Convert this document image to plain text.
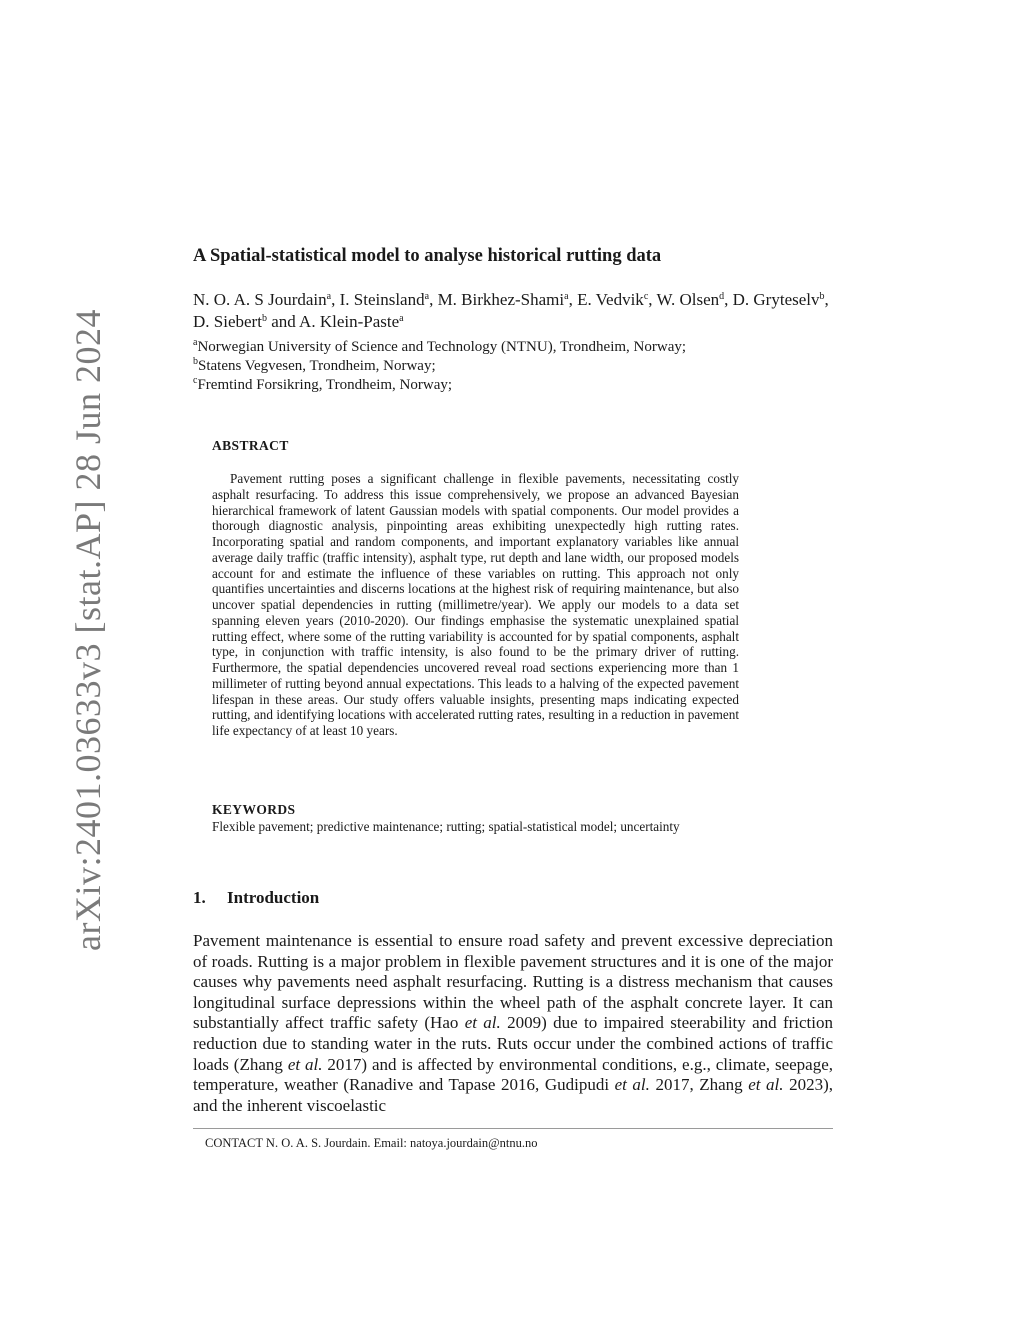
arXiv:2401.03633v3 [stat.AP] 28 Jun 2024
A Spatial-statistical model to analyse historical rutting data

N. O. A. S Jourdain$^a$, I. Steinsland$^a$, M. Birkhez-Shami$^a$, E. Vedvik$^c$, W. Olsen$^d$, D. Gryteselv$^b$, D. Siebert$^b$ and A. Klein-Paste$^a$

$^a$Norwegian University of Science and Technology (NTNU), Trondheim, Norway;
$^b$Statens Vegvesen, Trondheim, Norway;
$^c$Fremtind Forsikring, Trondheim, Norway;
ABSTRACT

Pavement rutting poses a significant challenge in flexible pavements, necessitating costly asphalt resurfacing. To address this issue comprehensively, we propose an advanced Bayesian hierarchical framework of latent Gaussian models with spatial components. Our model provides a thorough diagnostic analysis, pinpointing areas exhibiting unexpectedly high rutting rates. Incorporating spatial and random components, and important explanatory variables like annual average daily traffic (traffic intensity), asphalt type, rut depth and lane width, our proposed models account for and estimate the influence of these variables on rutting. This approach not only quantifies uncertainties and discerns locations at the highest risk of requiring maintenance, but also uncover spatial dependencies in rutting (millimetre/year). We apply our models to a data set spanning eleven years (2010-2020). Our findings emphasise the systematic unexplained spatial rutting effect, where some of the rutting variability is accounted for by spatial components, asphalt type, in conjunction with traffic intensity, is also found to be the primary driver of rutting. Furthermore, the spatial dependencies uncovered reveal road sections experiencing more than 1 millimeter of rutting beyond annual expectations. This leads to a halving of the expected pavement lifespan in these areas. Our study offers valuable insights, presenting maps indicating expected rutting, and identifying locations with accelerated rutting rates, resulting in a reduction in pavement life expectancy of at least 10 years.

KEYWORDS

Flexible pavement; predictive maintenance; rutting; spatial-statistical model; uncertainty

1. Introduction

Pavement maintenance is essential to ensure road safety and prevent excessive depreciation of roads. Rutting is a major problem in flexible pavement structures and it is one of the major causes why pavements need asphalt resurfacing. Rutting is a distress mechanism that causes longitudinal surface depressions within the wheel path of the asphalt concrete layer. It can substantially affect traffic safety (Hao et al. 2009) due to impaired steerability and friction reduction due to standing water in the ruts. Ruts occur under the combined actions of traffic loads (Zhang et al. 2017) and is affected by environmental conditions, e.g., climate, seepage, temperature, weather (Ranadive and Tapase 2016, Gudipudi et al. 2017, Zhang et al. 2023), and the inherent viscoelastic

CONTACT N. O. A. S. Jourdain. Email: natoya.jourdain@ntnu.no
